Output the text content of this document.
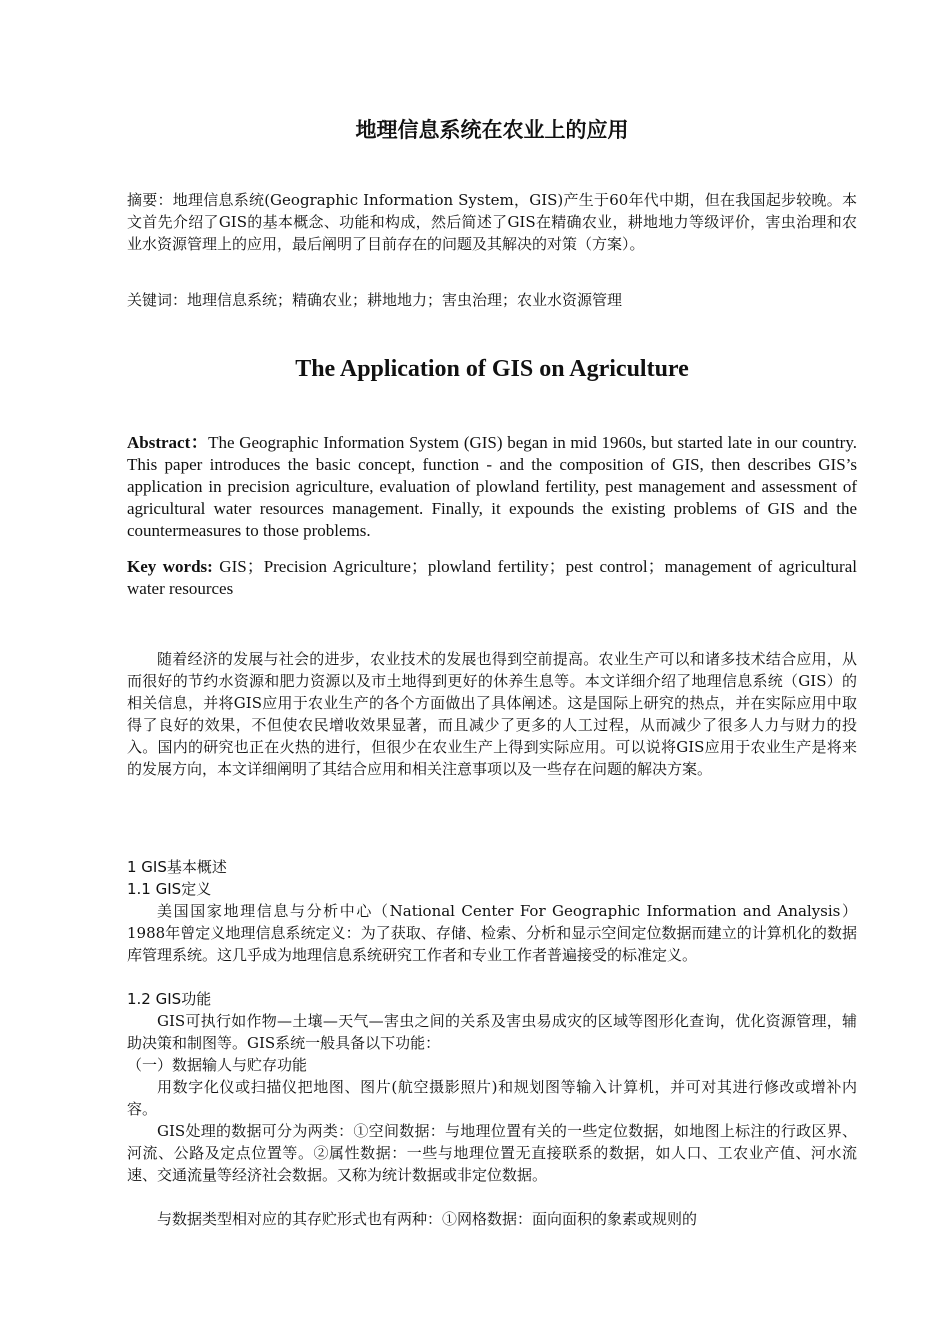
地理信息系统在农业上的应用

摘要：地理信息系统(Geographic Information System，GIS)产生于60年代中期，但在我国起步较晚。本文首先介绍了GIS的基本概念、功能和构成，然后简述了GIS在精确农业，耕地地力等级评价，害虫治理和农业水资源管理上的应用，最后阐明了目前存在的问题及其解决的对策（方案）。

关键词：地理信息系统；精确农业；耕地地力；害虫治理；农业水资源管理

The Application of GIS on Agriculture

Abstract：The Geographic Information System (GIS) began in mid 1960s, but started late in our country. This paper introduces the basic concept, function - and the composition of GIS, then describes GIS’s application in precision agriculture, evaluation of plowland fertility, pest management and assessment of agricultural water resources management. Finally, it expounds the existing problems of GIS and the countermeasures to those problems.

Key words: GIS；Precision Agriculture；plowland fertility；pest control；management of agricultural water resources

随着经济的发展与社会的进步，农业技术的发展也得到空前提高。农业生产可以和诸多技术结合应用，从而很好的节约水资源和肥力资源以及市土地得到更好的休养生息等。本文详细介绍了地理信息系统（GIS）的相关信息，并将GIS应用于农业生产的各个方面做出了具体阐述。这是国际上研究的热点，并在实际应用中取得了良好的效果，不但使农民增收效果显著，而且减少了更多的人工过程，从而减少了很多人力与财力的投入。国内的研究也正在火热的进行，但很少在农业生产上得到实际应用。可以说将GIS应用于农业生产是将来的发展方向，本文详细阐明了其结合应用和相关注意事项以及一些存在问题的解决方案。

1 GIS基本概述

1.1 GIS定义

美国国家地理信息与分析中心（National Center For Geographic Information and Analysis）1988年曾定义地理信息系统定义：为了获取、存储、检索、分析和显示空间定位数据而建立的计算机化的数据库管理系统。这几乎成为地理信息系统研究工作者和专业工作者普遍接受的标准定义。

1.2 GIS功能

GIS可执行如作物—土壤—天气—害虫之间的关系及害虫易成灾的区域等图形化查询，优化资源管理，辅助决策和制图等。GIS系统一般具备以下功能：

（一）数据输人与贮存功能

用数字化仪或扫描仪把地图、图片(航空摄影照片)和规划图等输入计算机，并可对其进行修改或增补内容。

GIS处理的数据可分为两类：①空间数据：与地理位置有关的一些定位数据，如地图上标注的行政区界、河流、公路及定点位置等。②属性数据：一些与地理位置无直接联系的数据，如人口、工农业产值、河水流速、交通流量等经济社会数据。又称为统计数据或非定位数据。

与数据类型相对应的其存贮形式也有两种：①网格数据：面向面积的象素或规则的
